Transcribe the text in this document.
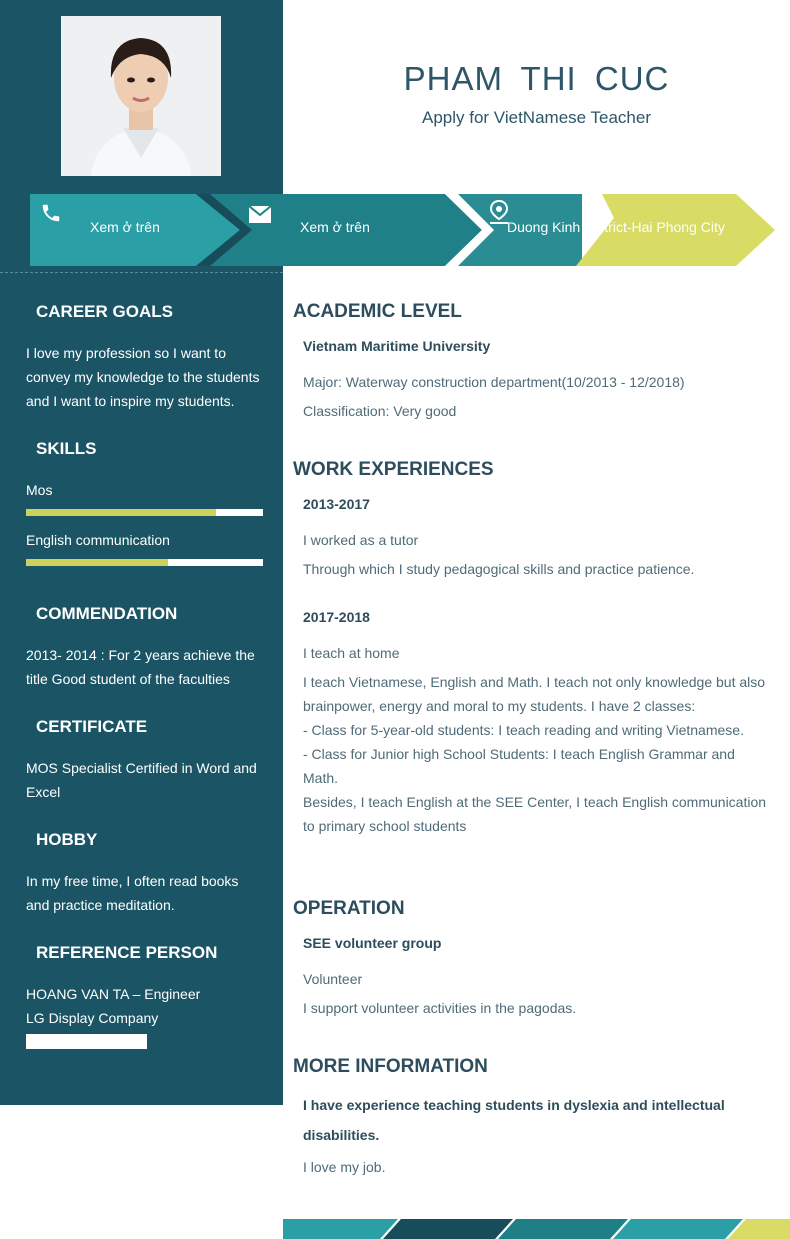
PHAM THI CUC
Apply for VietNamese Teacher
Xem ở trên	Xem ở trên	Duong Kinh District-Hai Phong City
CAREER GOALS
I love my profession so I want to
convey my knowledge to the students
and I want to inspire my students.
SKILLS
Mos
English communication
COMMENDATION
2013- 2014 : For 2 years achieve the
title Good student of the faculties
CERTIFICATE
MOS Specialist Certified in Word and
Excel
HOBBY
In my free time, I often read books
and practice meditation.
REFERENCE PERSON
HOANG VAN TA – Engineer
LG Display Company
ACADEMIC LEVEL
Vietnam Maritime University
Major: Waterway construction department(10/2013 - 12/2018)
Classification: Very good
WORK EXPERIENCES
2013-2017
I worked as a tutor
Through which I study pedagogical skills and practice patience.
2017-2018
I teach at home
I teach Vietnamese, English and Math. I teach not only knowledge but also
brainpower, energy and moral to my students. I have 2 classes:
- Class for 5-year-old students: I teach reading and writing Vietnamese.
- Class for Junior high School Students: I teach English Grammar and
Math.
Besides, I teach English at the SEE Center, I teach English communication
to primary school students
OPERATION
SEE volunteer group
Volunteer
I support volunteer activities in the pagodas.
MORE INFORMATION
I have experience teaching students in dyslexia and intellectual
disabilities.
I love my job.
